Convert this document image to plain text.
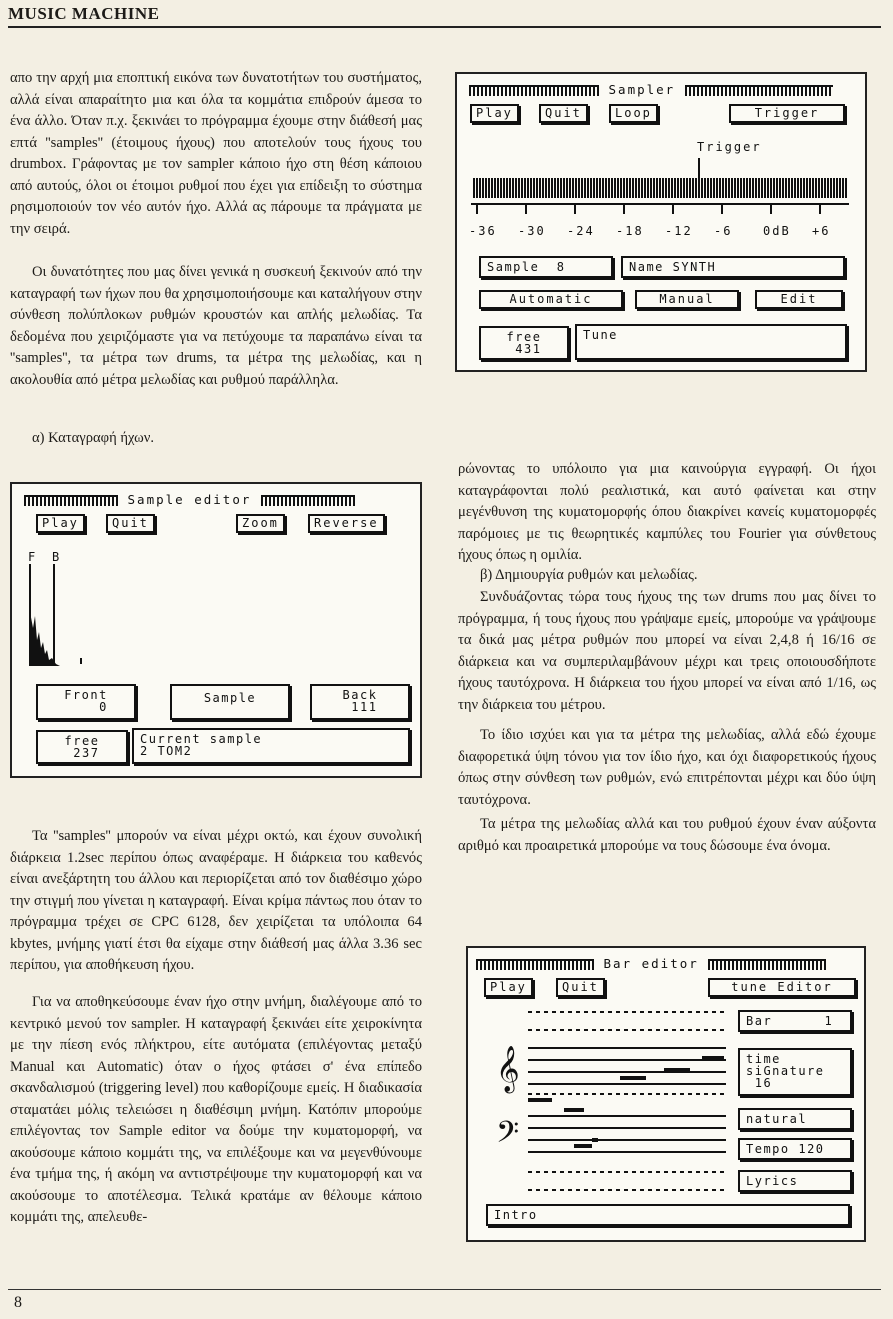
MUSIC MACHINE

απο την αρχή μια εποπτική εικόνα των δυνατοτήτων του συστήματος, αλλά είναι απαραίτητο μια και όλα τα κομμάτια επιδρούν άμεσα το ένα άλλο. Όταν π.χ. ξεκινάει το πρόγραμμα έχουμε στην διάθεσή μας επτά ''samples'' (έτοιμους ήχους) που αποτελούν τους ήχους του drumbox. Γράφοντας με τον sampler κάποιο ήχο στη θέση κάποιου από αυτούς, όλοι οι έτοιμοι ρυθμοί που έχει για επίδειξη το σύστημα ρησιμοποιούν τον νέο αυτόν ήχο. Αλλά ας πάρουμε τα πράγματα με την σειρά.

Οι δυνατότητες που μας δίνει γενικά η συσκευή ξεκινούν από την καταγραφή των ήχων που θα χρησιμοποιήσουμε και καταλήγουν στην σύνθεση πολύπλοκων ρυθμών κρουστών και απλής μελωδίας. Τα δεδομένα που χειριζόμαστε για να πετύχουμε τα παραπάνω είναι τα ''samples'', τα μέτρα των drums, τα μέτρα της μελωδίας, και η ακολουθία από μέτρα μελωδίας και ρυθμού παράλληλα.

α) Καταγραφή ήχων.

Τα ''samples'' μπορούν να είναι μέχρι οκτώ, και έχουν συνολική διάρκεια 1.2sec περίπου όπως αναφέραμε. Η διάρκεια του καθενός είναι ανεξάρτητη του άλλου και περιορίζεται από τον διαθέσιμο χώρο την στιγμή που γίνεται η καταγραφή. Είναι κρίμα πάντως που όταν το πρόγραμμα τρέχει σε CPC 6128, δεν χειρίζεται τα υπόλοιπα 64 kbytes, μνήμης γιατί έτσι θα είχαμε στην διάθεσή μας άλλα 3.36 sec περίπου, για αποθήκευση ήχου.

Για να αποθηκεύσουμε έναν ήχο στην μνήμη, διαλέγουμε από το κεντρικό μενού τον sampler. Η καταγραφή ξεκινάει είτε χειροκίνητα με την πίεση ενός πλήκτρου, είτε αυτόματα (επιλέγοντας μεταξύ Manual και Automatic) όταν ο ήχος φτάσει σ' ένα επίπεδο σκανδαλισμού (triggering level) που καθορίζουμε εμείς. Η διαδικασία σταματάει μόλις τελειώσει η διαθέσιμη μνήμη. Κατόπιν μπορούμε επιλέγοντας τον Sample editor να δούμε την κυματομορφή, να ακούσουμε κάποιο κομμάτι της, να επιλέξουμε και να μεγενθύνουμε ένα τμήμα της, ή ακόμη να αντιστρέψουμε την κυματομορφή και να ακούσουμε το αποτέλεσμα. Τελικά κρατάμε αν θέλουμε κάποιο κομμάτι της, απελευθε-

ρώνοντας το υπόλοιπο για μια καινούργια εγγραφή. Οι ήχοι καταγράφονται πολύ ρεαλιστικά, και αυτό φαίνεται και στην μεγένθυνση της κυματομορφής όπου διακρίνει κανείς κυματομορφές παρόμοιες με τις θεωρητικές καμπύλες του Fourier για σύνθετους ήχους όπως η ομιλία.

β) Δημιουργία ρυθμών και μελωδίας.

Συνδυάζοντας τώρα τους ήχους της των drums που μας δίνει το πρόγραμμα, ή τους ήχους που γράψαμε εμείς, μπορούμε να γράψουμε τα δικά μας μέτρα ρυθμών που μπορεί να είναι 2,4,8 ή 16/16 σε διάρκεια και να συμπεριλαμβάνουν μέχρι και τρεις οποιουσδήποτε ήχους ταυτόχρονα. Η διάρκεια του ήχου μπορεί να είναι από 1/16, ως την διάρκεια του μέτρου.

Το ίδιο ισχύει και για τα μέτρα της μελωδίας, αλλά εδώ έχουμε διαφορετικά ύψη τόνου για τον ίδιο ήχο, και όχι διαφορετικούς ήχους όπως στην σύνθεση των ρυθμών, ενώ επιτρέπονται μέχρι και δύο ύψη ταυτόχρονα.

Τα μέτρα της μελωδίας αλλά και του ρυθμού έχουν έναν αύξοντα αριθμό και προαιρετικά μπορούμε να τους δώσουμε ένα όνομα.

Sampler
Play	Quit	Loop	Trigger
Trigger
-36 -30 -24 -18 -12 -6	0dB +6
Sample  8	Name SYNTH
Automatic	Manual	Edit
free
431
Tune
Sample editor
Play	Quit	Zoom	Reverse
F B
Front
0
Sample	Back
111
free
237
Current sample
2 TOM2
Bar editor
Play	Quit	tune Editor
𝄞
𝄢
Bar      1
time
siGnature
16
natural
Tempo 120
Lyrics
Intro
8
